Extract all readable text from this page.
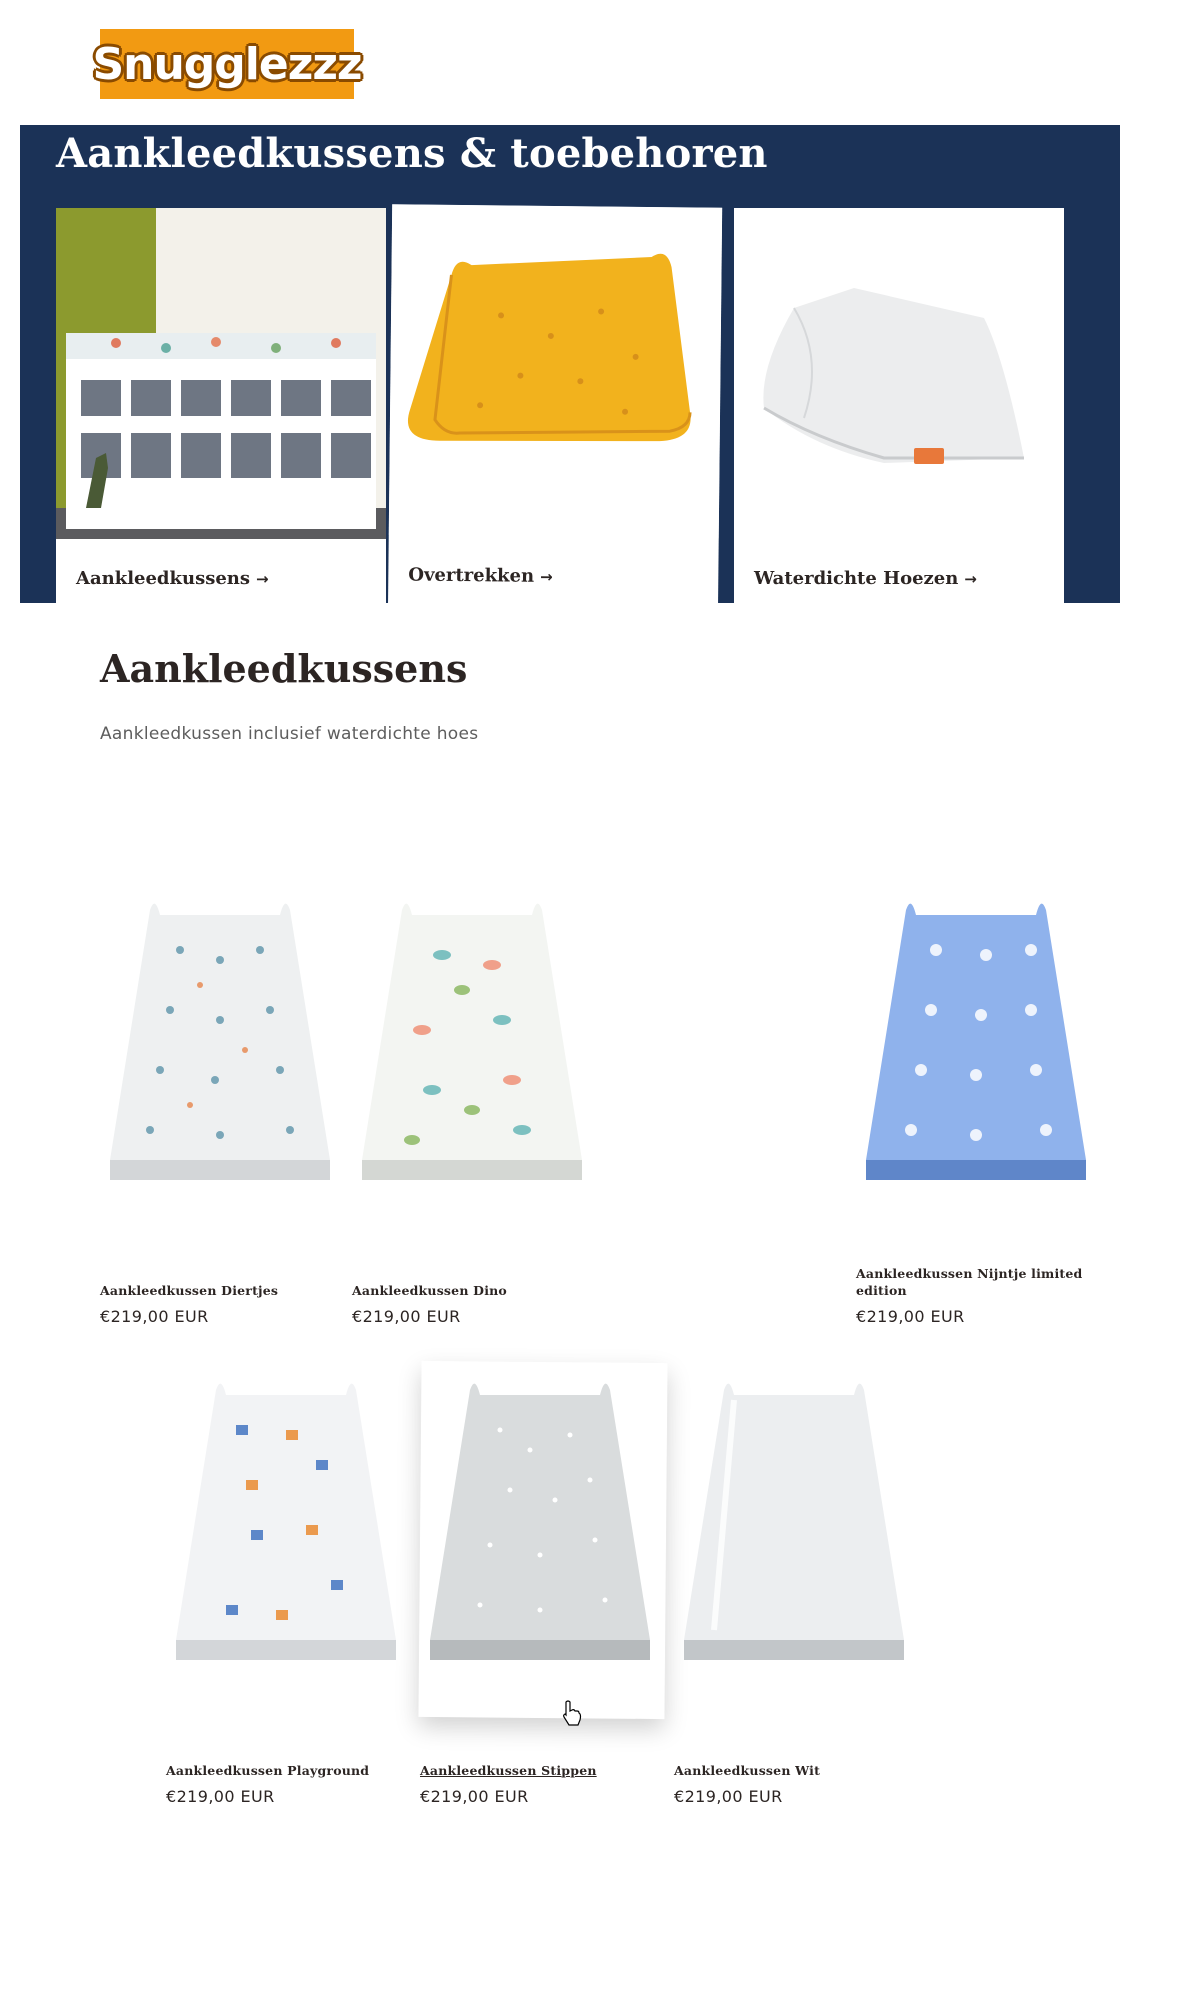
Snugglezzz
Aankleedkussens & toebehoren
Aankleedkussens →	Overtrekken →	Waterdichte Hoezen →
Aankleedkussens

Aankleedkussen inclusief waterdichte hoes

Aankleedkussen Diertjes
€219,00 EUR
Aankleedkussen Dino
€219,00 EUR
Aankleedkussen Nijntje limited edition
€219,00 EUR
Aankleedkussen Playground
€219,00 EUR
Aankleedkussen Stippen
€219,00 EUR
Aankleedkussen Wit
€219,00 EUR
